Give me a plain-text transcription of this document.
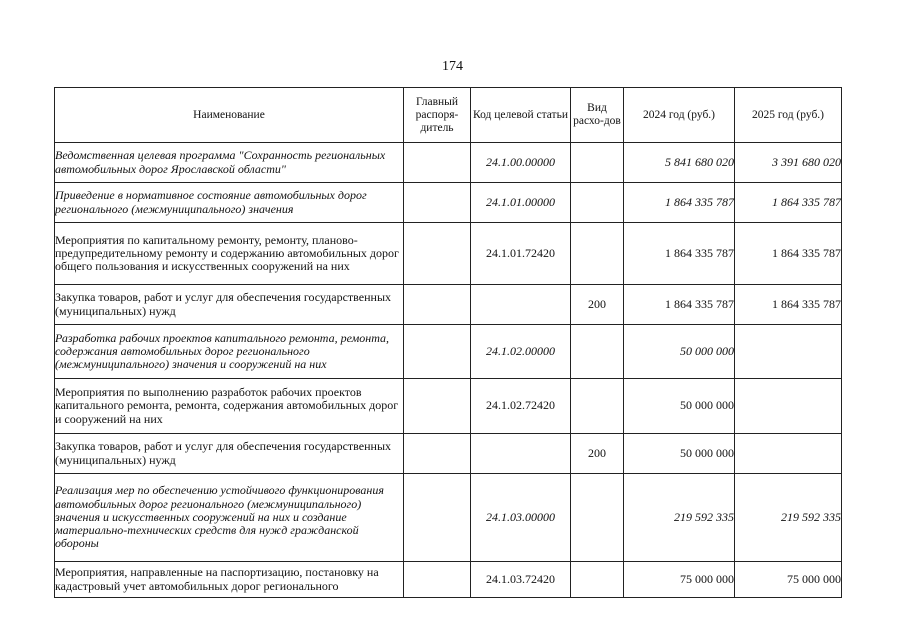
174
Наименование	Главный распоря-дитель	Код целевой статьи	Вид расхо-дов	2024 год (руб.)	2025 год (руб.)
Ведомственная целевая программа "Сохранность региональных автомобильных дорог Ярославской области"		24.1.00.00000		5 841 680 020	3 391 680 020
Приведение в нормативное состояние автомобильных дорог регионального (межмуниципального) значения		24.1.01.00000		1 864 335 787	1 864 335 787
Мероприятия по капитальному ремонту, ремонту, планово-предупредительному ремонту и содержанию автомобильных дорог общего пользования и искусственных сооружений на них		24.1.01.72420		1 864 335 787	1 864 335 787
Закупка товаров, работ и услуг для обеспечения государственных (муниципальных) нужд			200	1 864 335 787	1 864 335 787
Разработка рабочих проектов капитального ремонта, ремонта, содержания автомобильных дорог регионального (межмуниципального) значения и сооружений на них		24.1.02.00000		50 000 000	
Мероприятия по выполнению разработок рабочих проектов капитального ремонта, ремонта, содержания автомобильных дорог и сооружений на них		24.1.02.72420		50 000 000	
Закупка товаров, работ и услуг для обеспечения государственных (муниципальных) нужд			200	50 000 000	
Реализация мер по обеспечению устойчивого функционирования автомобильных дорог регионального (межмуниципального) значения и искусственных сооружений на них и создание материально-технических средств для нужд гражданской обороны		24.1.03.00000		219 592 335	219 592 335
Мероприятия, направленные на паспортизацию, постановку на кадастровый учет автомобильных дорог регионального		24.1.03.72420		75 000 000	75 000 000
